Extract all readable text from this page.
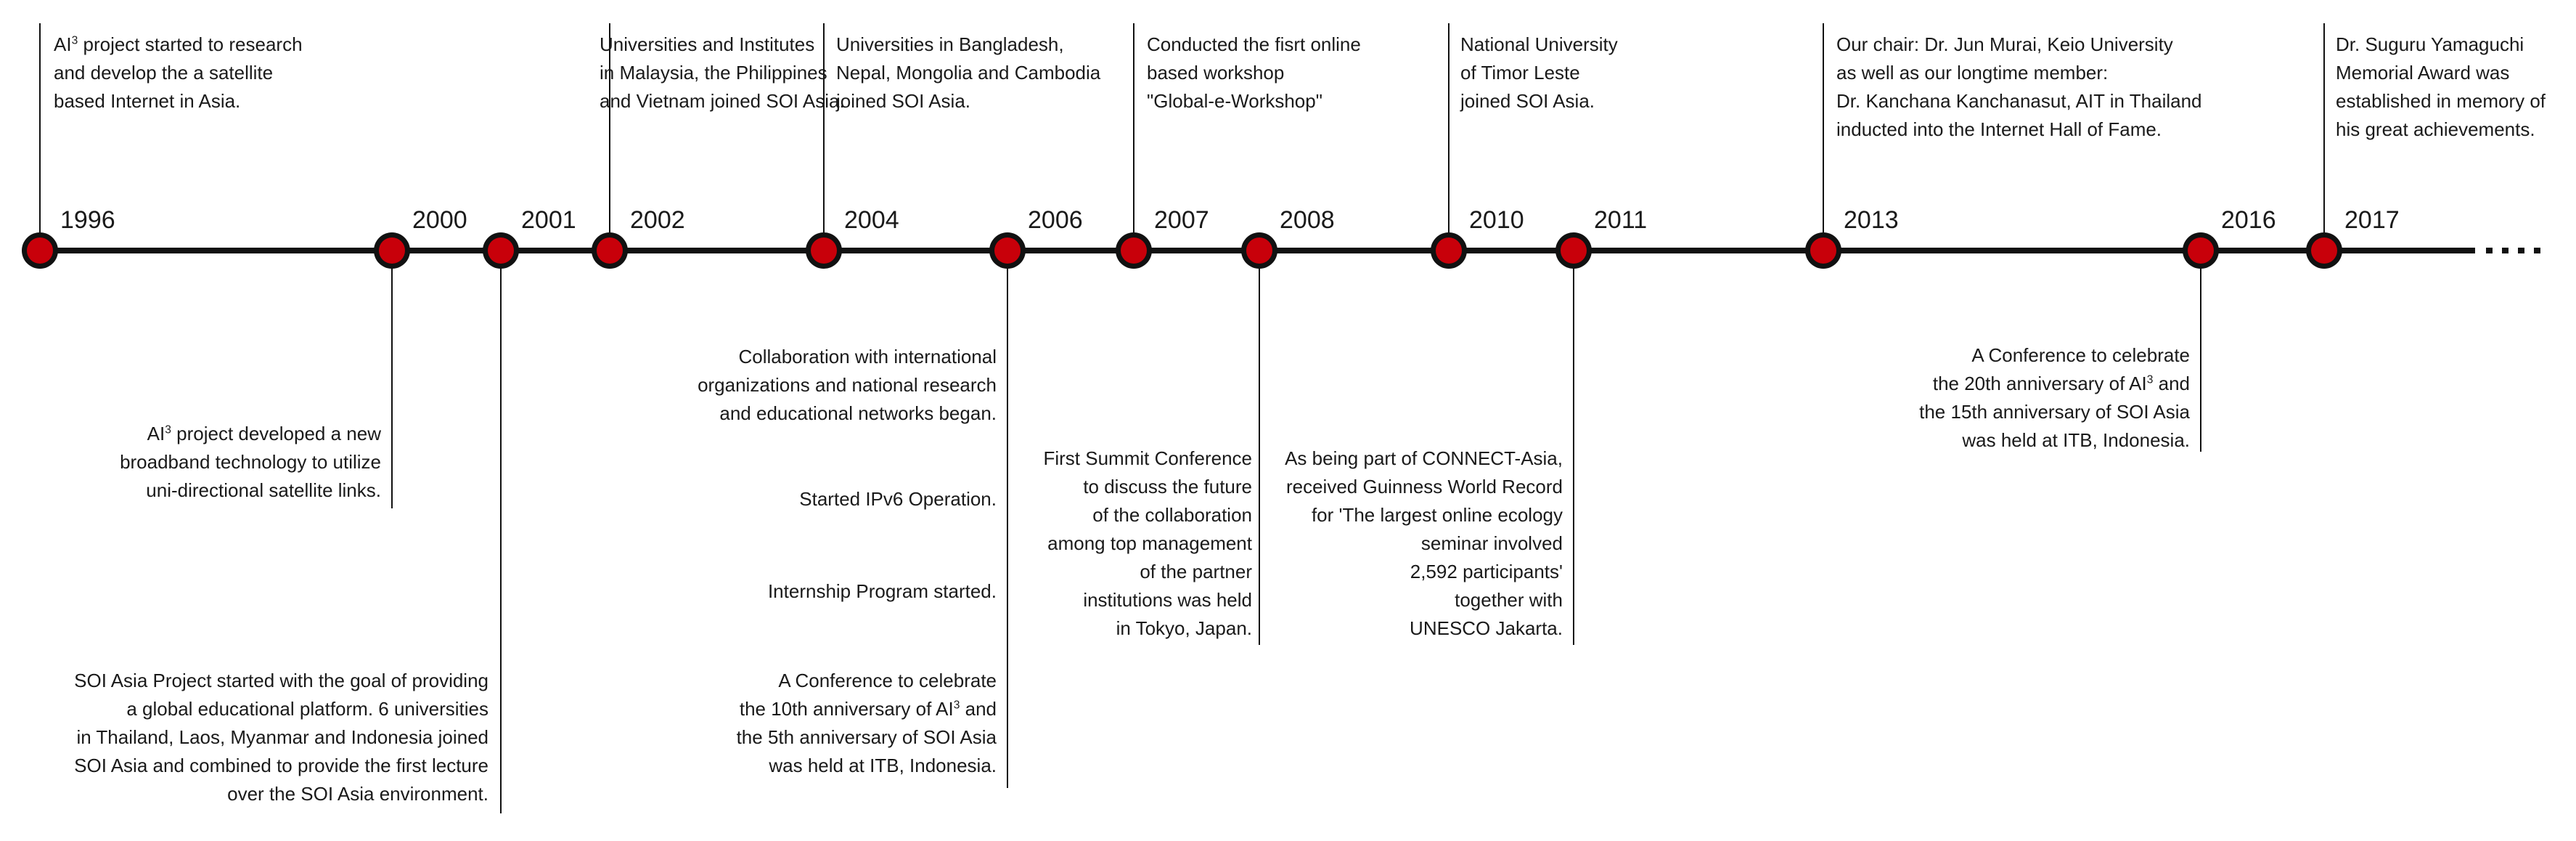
1996	2000 2001 2002	2004	2006	2007	2008	2010	2011	2013	2016	2017
$AI^3$ project started to research
and develop the a satellite
based Internet in Asia.
Universities and Institutes
in Malaysia, the Philippines
and Vietnam joined SOI Asia.
Universities in Bangladesh,
Nepal, Mongolia and Cambodia
joined SOI Asia.
Conducted the fisrt online
based workshop
"Global-e-Workshop"
National University
of Timor Leste
joined SOI Asia.
Our chair: Dr. Jun Murai, Keio University
as well as our longtime member:
Dr. Kanchana Kanchanasut, AIT in Thailand
inducted into the Internet Hall of Fame.
Dr. Suguru Yamaguchi
Memorial Award was
established in memory of
his great achievements.
$AI^3$ project developed a new
broadband technology to utilize
uni-directional satellite links.
SOI Asia Project started with the goal of providing
a global educational platform. 6 universities
in Thailand, Laos, Myanmar and Indonesia joined
SOI Asia and combined to provide the first lecture
over the SOI Asia environment.
Collaboration with international
organizations and national research
and educational networks began.
Started IPv6 Operation.
Internship Program started.
A Conference to celebrate
the 10th anniversary of $AI^3$ and
the 5th anniversary of SOI Asia
was held at ITB, Indonesia.
First Summit Conference
to discuss the future
of the collaboration
among top management
of the partner
institutions was held
in Tokyo, Japan.
As being part of CONNECT-Asia,
received Guinness World Record
for 'The largest online ecology
seminar involved
2,592 participants'
together with
UNESCO Jakarta.
A Conference to celebrate
the 20th anniversary of $AI^3$ and
the 15th anniversary of SOI Asia
was held at ITB, Indonesia.
